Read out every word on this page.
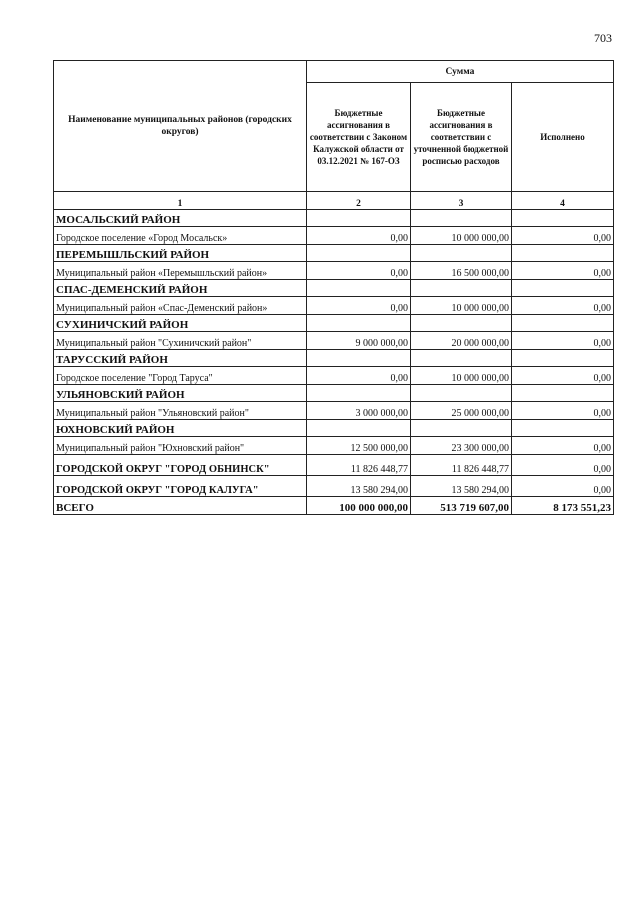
703
Наименование муниципальных районов (городских округов)	Сумма		
	Бюджетные ассигнования в соответствии с Законом Калужской области от 03.12.2021 № 167-ОЗ	Бюджетные ассигнования в соответствии с уточненной бюджетной росписью расходов	Исполнено
1	2	3	4
МОСАЛЬСКИЙ РАЙОН			
Городское поселение «Город Мосальск»	0,00	10 000 000,00	0,00
ПЕРЕМЫШЛЬСКИЙ РАЙОН			
Муниципальный район «Перемышльский район»	0,00	16 500 000,00	0,00
СПАС-ДЕМЕНСКИЙ РАЙОН			
Муниципальный район «Спас-Деменский район»	0,00	10 000 000,00	0,00
СУХИНИЧСКИЙ РАЙОН			
Муниципальный район "Сухиничский район"	9 000 000,00	20 000 000,00	0,00
ТАРУССКИЙ РАЙОН			
Городское поселение "Город Таруса"	0,00	10 000 000,00	0,00
УЛЬЯНОВСКИЙ РАЙОН			
Муниципальный район "Ульяновский район"	3 000 000,00	25 000 000,00	0,00
ЮХНОВСКИЙ РАЙОН			
Муниципальный район "Юхновский район"	12 500 000,00	23 300 000,00	0,00
ГОРОДСКОЙ ОКРУГ "ГОРОД ОБНИНСК"	11 826 448,77	11 826 448,77	0,00
ГОРОДСКОЙ ОКРУГ "ГОРОД КАЛУГА"	13 580 294,00	13 580 294,00	0,00
ВСЕГО	100 000 000,00	513 719 607,00	8 173 551,23
